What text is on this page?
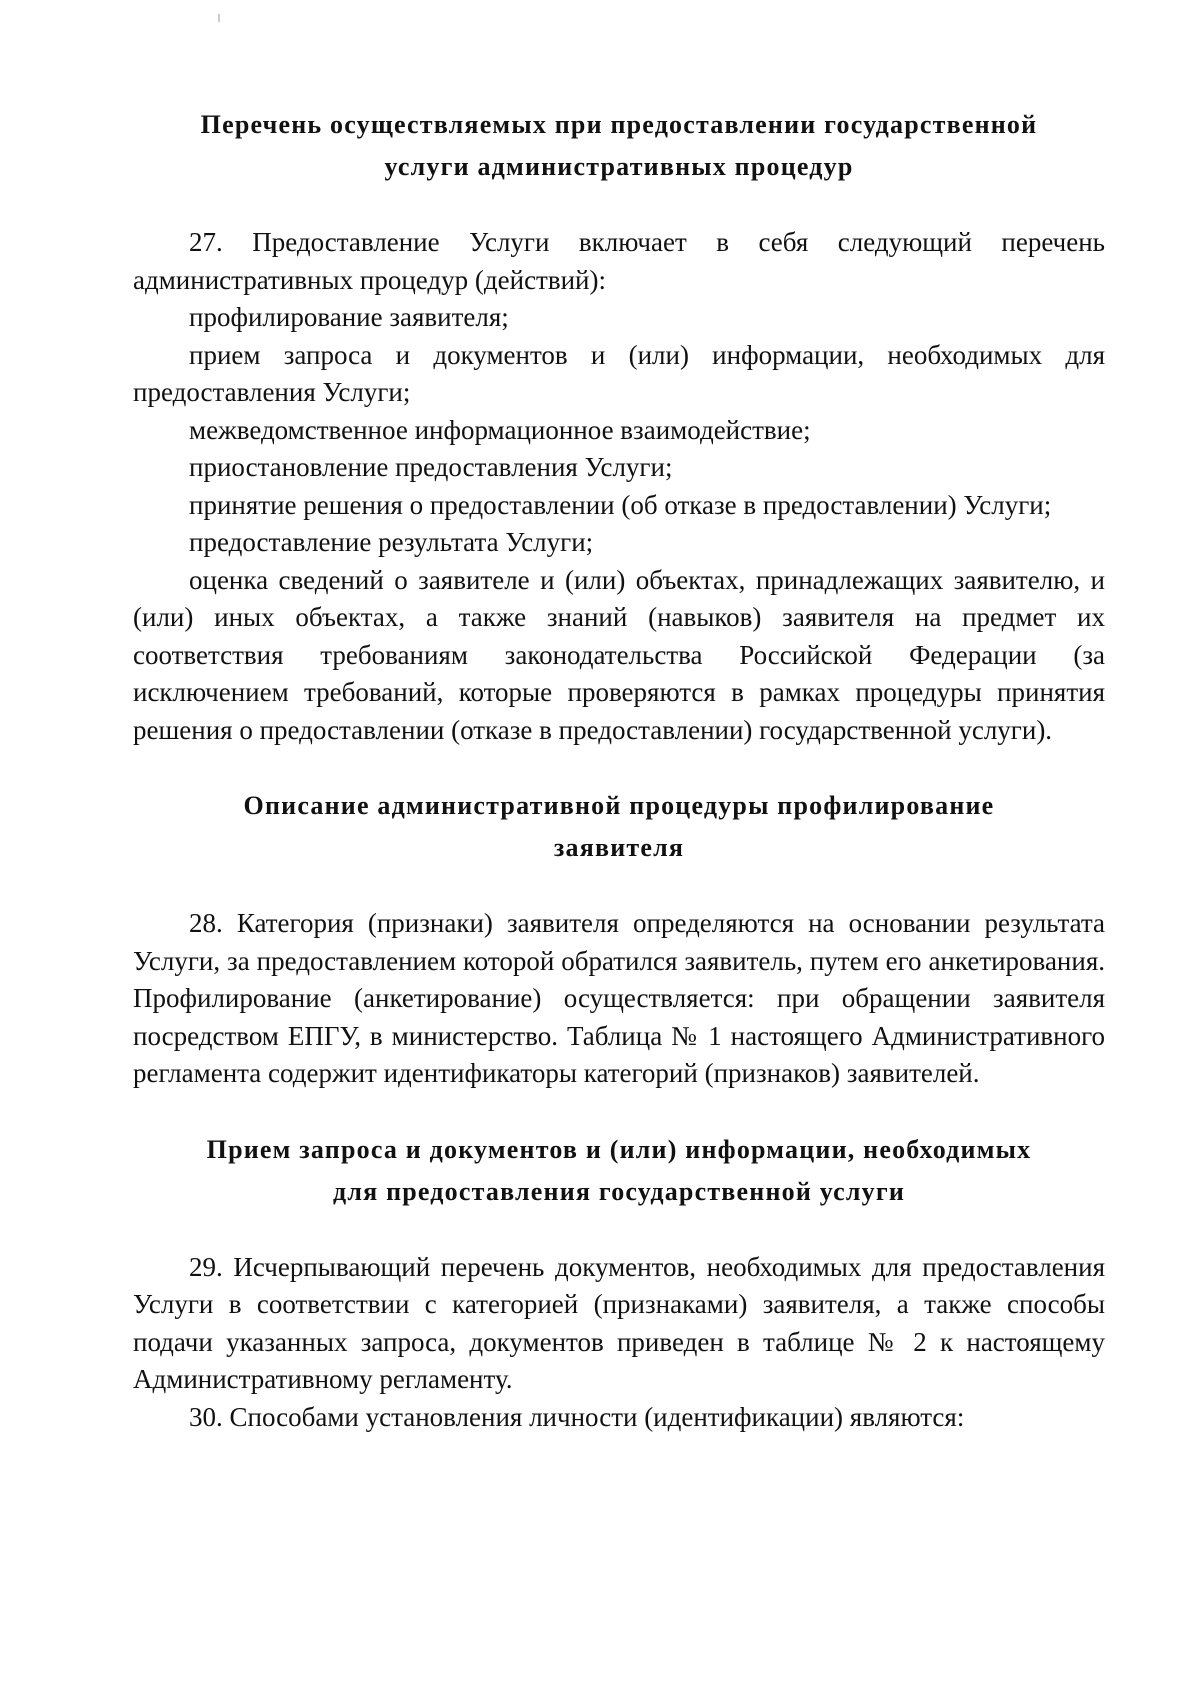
Перечень осуществляемых при предоставлении государственной
услуги административных процедур

27. Предоставление Услуги включает в себя следующий перечень административных процедур (действий):

профилирование заявителя;

прием запроса и документов и (или) информации, необходимых для предоставления Услуги;

межведомственное информационное взаимодействие;

приостановление предоставления Услуги;

принятие решения о предоставлении (об отказе в предоставлении) Услуги;

предоставление результата Услуги;

оценка сведений о заявителе и (или) объектах, принадлежащих заявителю, и (или) иных объектах, а также знаний (навыков) заявителя на предмет их соответствия требованиям законодательства Российской Федерации (за исключением требований, которые проверяются в рамках процедуры принятия решения о предоставлении (отказе в предоставлении) государственной услуги).

Описание административной процедуры профилирование
заявителя

28. Категория (признаки) заявителя определяются на основании результата Услуги, за предоставлением которой обратился заявитель, путем его анкетирования. Профилирование (анкетирование) осуществляется: при обращении заявителя посредством ЕПГУ, в министерство. Таблица № 1 настоящего Административного регламента содержит идентификаторы категорий (признаков) заявителей.

Прием запроса и документов и (или) информации, необходимых
для предоставления государственной услуги

29. Исчерпывающий перечень документов, необходимых для предоставления Услуги в соответствии с категорией (признаками) заявителя, а также способы подачи указанных запроса, документов приведен в таблице № 2 к настоящему Административному регламенту.

30. Способами установления личности (идентификации) являются:
